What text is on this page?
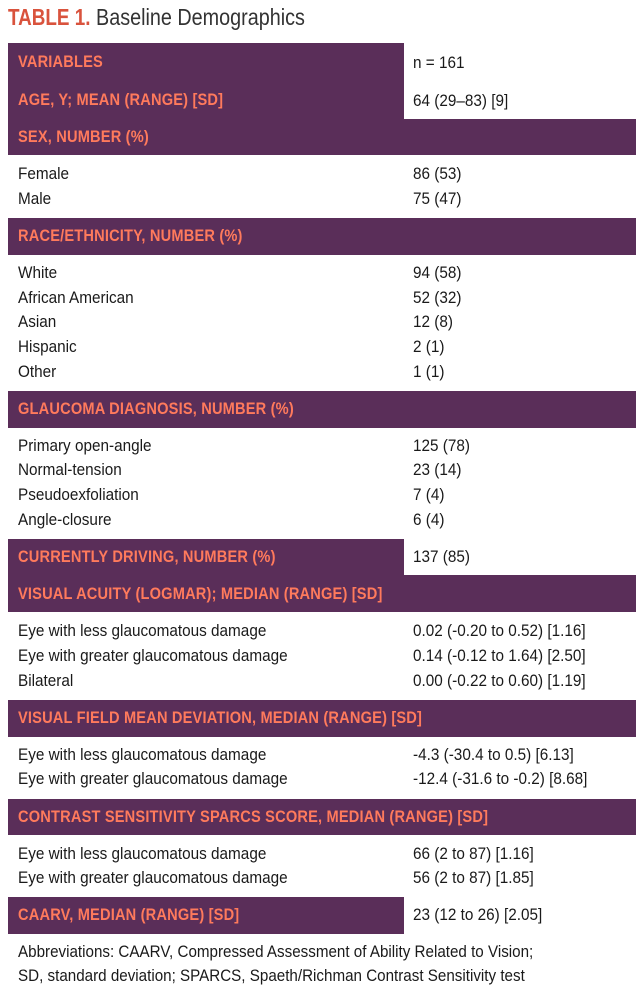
TABLE 1. Baseline Demographics
VARIABLES	n = 161
AGE, Y; MEAN (RANGE) [SD]	64 (29–83) [9]
SEX, NUMBER (%)
Female	86 (53)
Male	75 (47)
RACE/ETHNICITY, NUMBER (%)
White	94 (58)
African American	52 (32)
Asian	12 (8)
Hispanic	2 (1)
Other	1 (1)
GLAUCOMA DIAGNOSIS, NUMBER (%)
Primary open-angle	125 (78)
Normal-tension	23 (14)
Pseudoexfoliation	7 (4)
Angle-closure	6 (4)
CURRENTLY DRIVING, NUMBER (%)	137 (85)
VISUAL ACUITY (LOGMAR); MEDIAN (RANGE) [SD]
Eye with less glaucomatous damage	0.02 (-0.20 to 0.52) [1.16]
Eye with greater glaucomatous damage	0.14 (-0.12 to 1.64) [2.50]
Bilateral	0.00 (-0.22 to 0.60) [1.19]
VISUAL FIELD MEAN DEVIATION, MEDIAN (RANGE) [SD]
Eye with less glaucomatous damage	-4.3 (-30.4 to 0.5) [6.13]
Eye with greater glaucomatous damage	-12.4 (-31.6 to -0.2) [8.68]
CONTRAST SENSITIVITY SPARCS SCORE, MEDIAN (RANGE) [SD]
Eye with less glaucomatous damage	66 (2 to 87) [1.16]
Eye with greater glaucomatous damage	56 (2 to 87) [1.85]
CAARV, MEDIAN (RANGE) [SD]	23 (12 to 26) [2.05]
Abbreviations: CAARV, Compressed Assessment of Ability Related to Vision;
SD, standard deviation; SPARCS, Spaeth/Richman Contrast Sensitivity test
